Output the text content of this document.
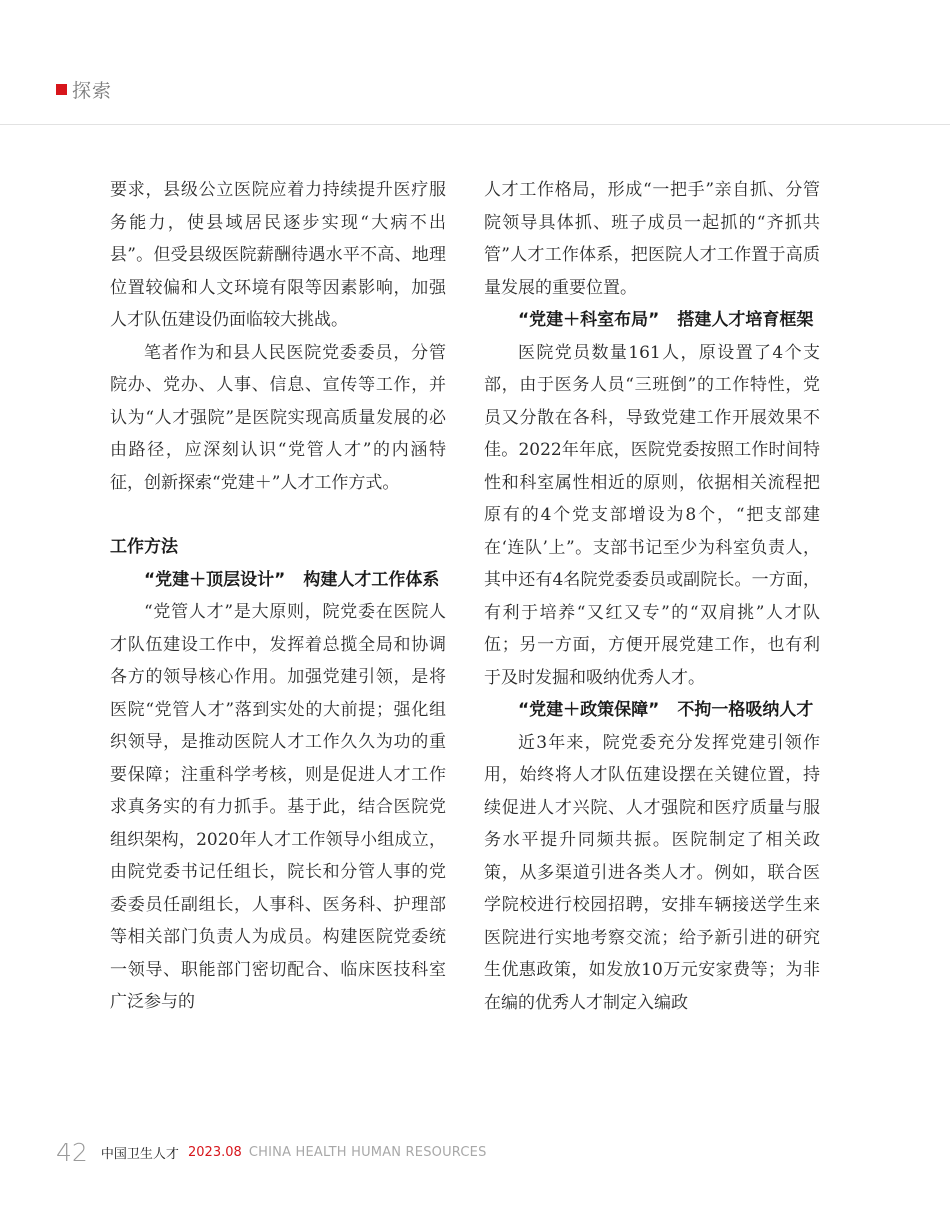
探索

要求，县级公立医院应着力持续提升医疗服务能力，使县域居民逐步实现“大病不出县”。但受县级医院薪酬待遇水平不高、地理位置较偏和人文环境有限等因素影响，加强人才队伍建设仍面临较大挑战。

笔者作为和县人民医院党委委员，分管院办、党办、人事、信息、宣传等工作，并认为“人才强院”是医院实现高质量发展的必由路径，应深刻认识“党管人才”的内涵特征，创新探索“党建＋”人才工作方式。

工作方法
“党建＋顶层设计” 构建人才工作体系

“党管人才”是大原则，院党委在医院人才队伍建设工作中，发挥着总揽全局和协调各方的领导核心作用。加强党建引领，是将医院“党管人才”落到实处的大前提；强化组织领导，是推动医院人才工作久久为功的重要保障；注重科学考核，则是促进人才工作求真务实的有力抓手。基于此，结合医院党组织架构，2020年人才工作领导小组成立，由院党委书记任组长，院长和分管人事的党委委员任副组长，人事科、医务科、护理部等相关部门负责人为成员。构建医院党委统一领导、职能部门密切配合、临床医技科室广泛参与的

人才工作格局，形成“一把手”亲自抓、分管院领导具体抓、班子成员一起抓的“齐抓共管”人才工作体系，把医院人才工作置于高质量发展的重要位置。

“党建＋科室布局” 搭建人才培育框架

医院党员数量161人，原设置了4个支部，由于医务人员“三班倒”的工作特性，党员又分散在各科，导致党建工作开展效果不佳。2022年年底，医院党委按照工作时间特性和科室属性相近的原则，依据相关流程把原有的4个党支部增设为8个，“把支部建在‘连队’上”。支部书记至少为科室负责人，其中还有4名院党委委员或副院长。一方面，有利于培养“又红又专”的“双肩挑”人才队伍；另一方面，方便开展党建工作，也有利于及时发掘和吸纳优秀人才。

“党建＋政策保障” 不拘一格吸纳人才

近3年来，院党委充分发挥党建引领作用，始终将人才队伍建设摆在关键位置，持续促进人才兴院、人才强院和医疗质量与服务水平提升同频共振。医院制定了相关政策，从多渠道引进各类人才。例如，联合医学院校进行校园招聘，安排车辆接送学生来医院进行实地考察交流；给予新引进的研究生优惠政策，如发放10万元安家费等；为非在编的优秀人才制定入编政

42 中国卫生人才 2023.08 CHINA HEALTH HUMAN RESOURCES
